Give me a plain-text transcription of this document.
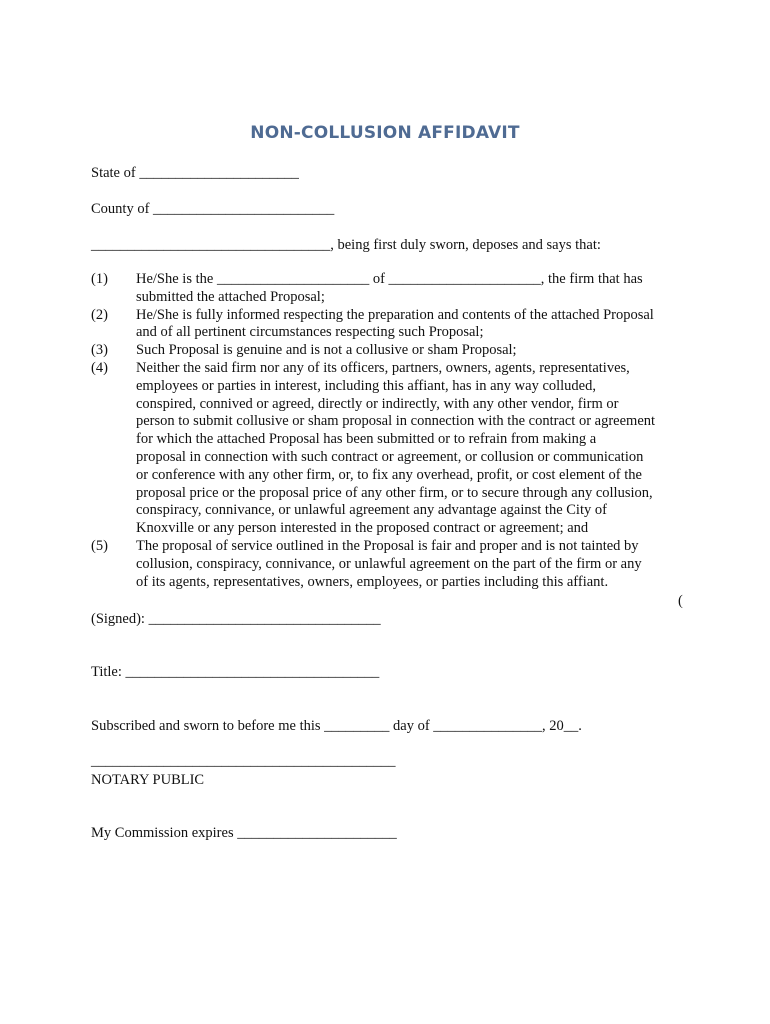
NON-COLLUSION AFFIDAVIT
State of ______________________
County of _________________________
_________________________________, being first duly sworn, deposes and says that:
(1)	He/She is the _____________________ of _____________________, the firm that has
submitted the attached Proposal;
(2)	He/She is fully informed respecting the preparation and contents of the attached Proposal
and of all pertinent circumstances respecting such Proposal;
(3)	Such Proposal is genuine and is not a collusive or sham Proposal;
(4)	Neither the said firm nor any of its officers, partners, owners, agents, representatives,
employees or parties in interest, including this affiant, has in any way colluded,
conspired, connived or agreed, directly or indirectly, with any other vendor, firm or
person to submit collusive or sham proposal in connection with the contract or agreement
for which the attached Proposal has been submitted or to refrain from making a
proposal in connection with such contract or agreement, or collusion or communication
or conference with any other firm, or, to fix any overhead, profit, or cost element of the
proposal price or the proposal price of any other firm, or to secure through any collusion,
conspiracy, connivance, or unlawful agreement any advantage against the City of
Knoxville or any person interested in the proposed contract or agreement; and
(5)	The proposal of service outlined in the Proposal is fair and proper and is not tainted by
collusion, conspiracy, connivance, or unlawful agreement on the part of the firm or any
of its agents, representatives, owners, employees, or parties including this affiant.
(
(Signed): ________________________________
Title: ___________________________________
Subscribed and sworn to before me this _________ day of _______________, 20__.
__________________________________________
NOTARY PUBLIC
My Commission expires ______________________
